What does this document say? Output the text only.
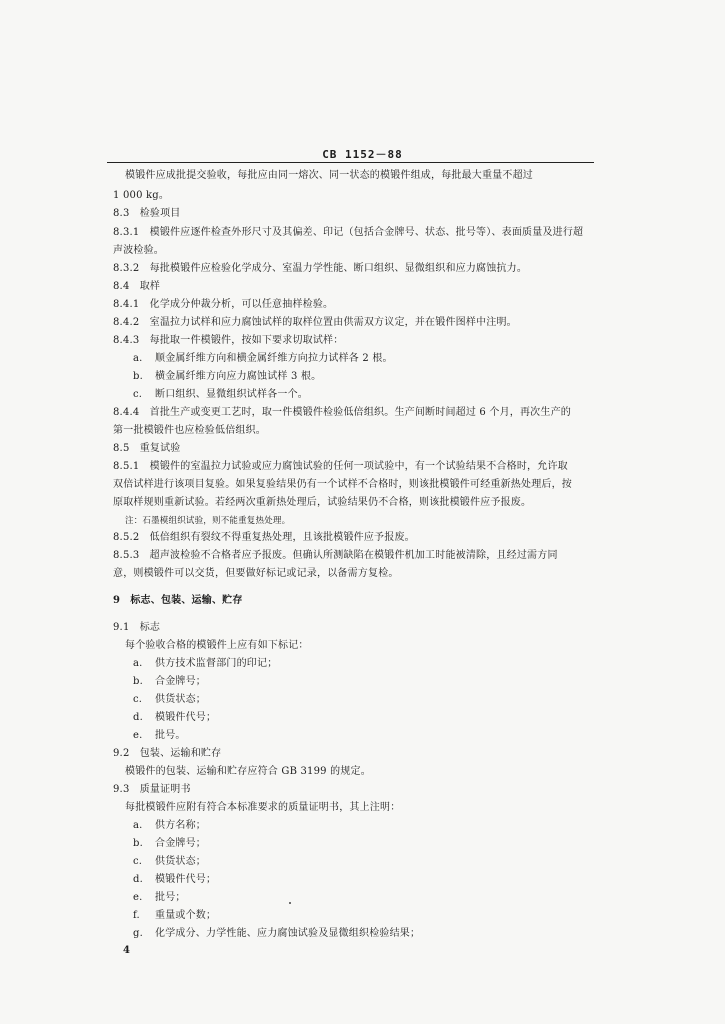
CB 1152－88
模锻件应成批提交验收，每批应由同一熔次、同一状态的模锻件组成，每批最大重量不超过
1 000 kg。
8.3　检验项目
8.3.1　模锻件应逐件检查外形尺寸及其偏差、印记（包括合金牌号、状态、批号等）、表面质量及进行超
声波检验。
8.3.2　每批模锻件应检验化学成分、室温力学性能、断口组织、显微组织和应力腐蚀抗力。
8.4　取样
8.4.1　化学成分仲裁分析，可以任意抽样检验。
8.4.2　室温拉力试样和应力腐蚀试样的取样位置由供需双方议定，并在锻件图样中注明。
8.4.3　每批取一件模锻件，按如下要求切取试样：
a. 顺金属纤维方向和横金属纤维方向拉力试样各 2 根。
b. 横金属纤维方向应力腐蚀试样 3 根。
c. 断口组织、显微组织试样各一个。
8.4.4　首批生产或变更工艺时，取一件模锻件检验低倍组织。生产间断时间超过 6 个月，再次生产的
第一批模锻件也应检验低倍组织。
8.5　重复试验
8.5.1　模锻件的室温拉力试验或应力腐蚀试验的任何一项试验中，有一个试验结果不合格时，允许取
双倍试样进行该项目复验。如果复验结果仍有一个试样不合格时，则该批模锻件可经重新热处理后，按
原取样规则重新试验。若经两次重新热处理后，试验结果仍不合格，则该批模锻件应予报废。
注：石墨模组织试验，则不能重复热处理。
8.5.2　低倍组织有裂纹不得重复热处理，且该批模锻件应予报废。
8.5.3　超声波检验不合格者应予报废。但确认所测缺陷在模锻件机加工时能被清除，且经过需方同
意，则模锻件可以交货，但要做好标记或记录，以备需方复检。
9　标志、包装、运输、贮存
9.1　标志
每个验收合格的模锻件上应有如下标记：
a. 供方技术监督部门的印记；
b. 合金牌号；
c. 供货状态；
d. 模锻件代号；
e. 批号。
9.2　包装、运输和贮存
模锻件的包装、运输和贮存应符合 GB 3199 的规定。
9.3　质量证明书
每批模锻件应附有符合本标准要求的质量证明书，其上注明：
a. 供方名称；
b. 合金牌号；
c. 供货状态；
d. 模锻件代号；
e. 批号；
f. 重量或个数；
g. 化学成分、力学性能、应力腐蚀试验及显微组织检验结果；
4
